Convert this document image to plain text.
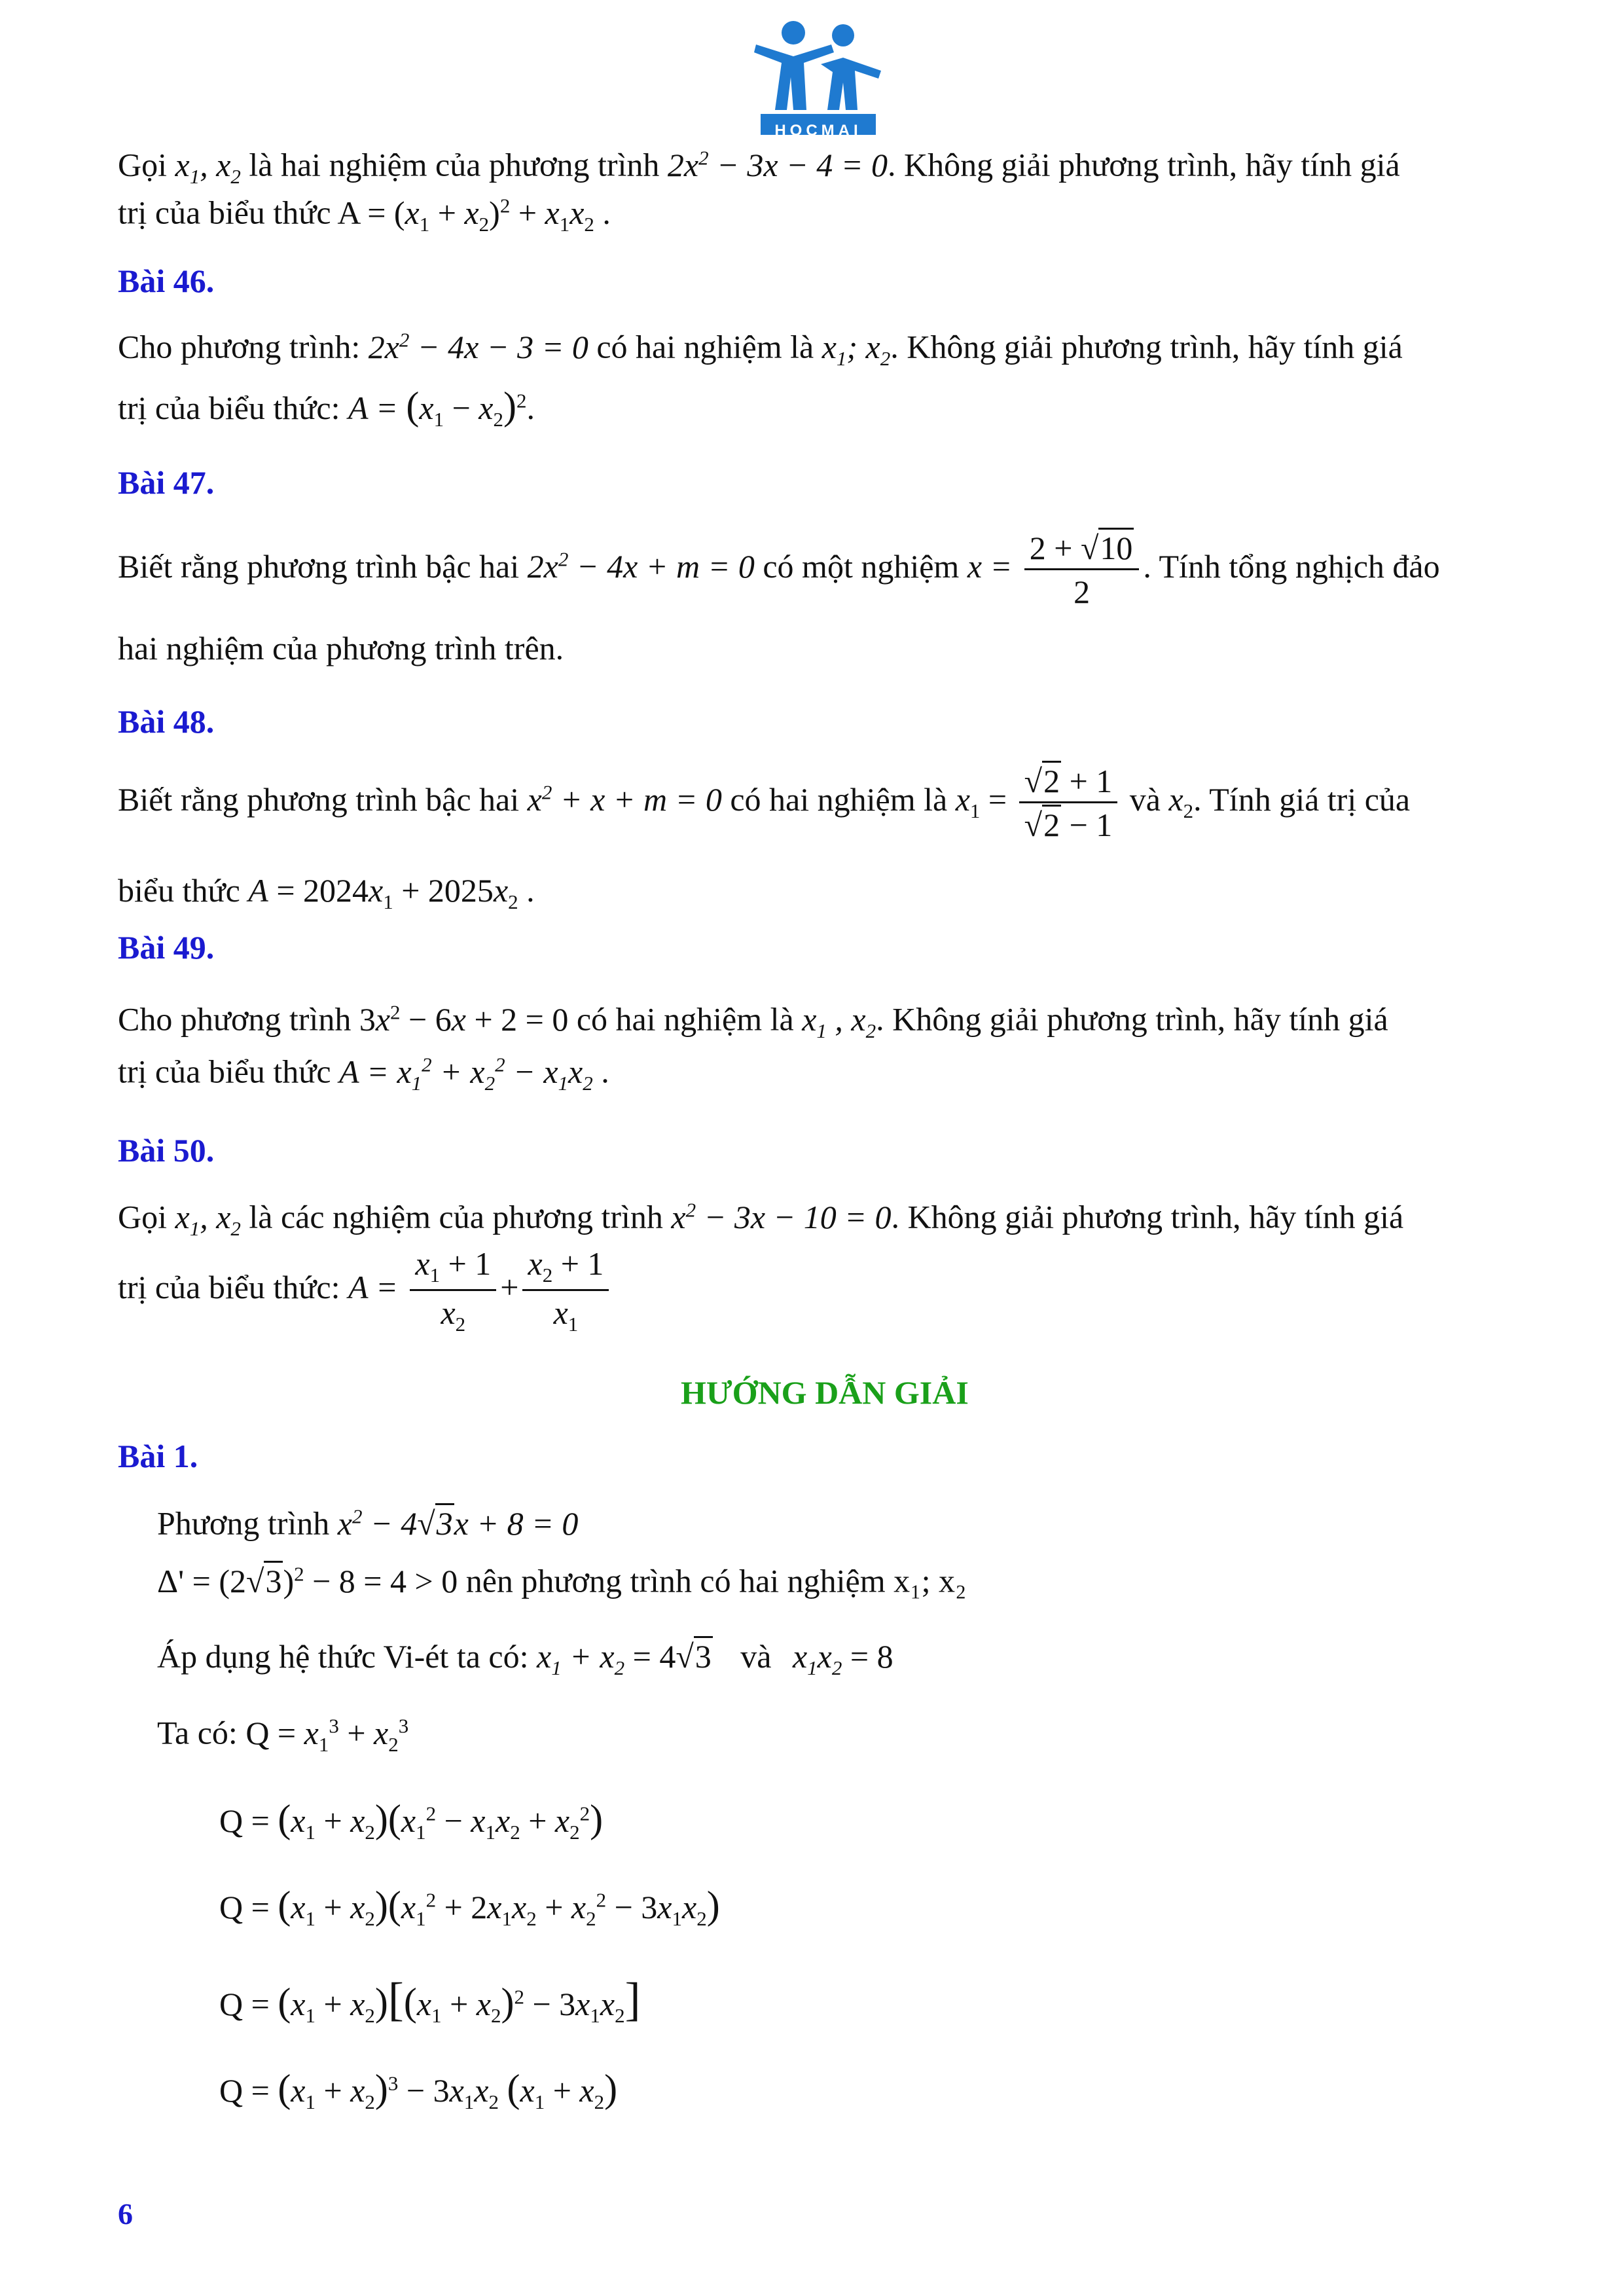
HOCMAI
Gọi $x_1$, $x_2$ là hai nghiệm của phương trình $2x^2 - 3x - 4 = 0$. Không giải phương trình, hãy tính giá
trị của biểu thức $A = (x_1 + x_2)^2 + x_1x_2$ .
Bài 46.
Cho phương trình: $2x^2 - 4x - 3 = 0$ có hai nghiệm là $x_1$; $x_2$. Không giải phương trình, hãy tính giá
trị của biểu thức: $A = (x_1 - x_2)^2$.
Bài 47.
Biết rằng phương trình bậc hai $2x^2 - 4x + m = 0$ có một nghiệm $x = \frac{2 + √10}{2}$ . Tính tổng nghịch đảo
hai nghiệm của phương trình trên.
Bài 48.
Biết rằng phương trình bậc hai $x^2 + x + m = 0$ có hai nghiệm là $x_1 = \frac{√2 + 1}{√2 - 1}$ và $x_2$. Tính giá trị của
biểu thức $A = 2024x_1 + 2025x_2$ .
Bài 49.
Cho phương trình $3x^2 - 6x + 2 = 0$ có hai nghiệm là $x_1$ , $x_2$. Không giải phương trình, hãy tính giá
trị của biểu thức $A = x_1^2 + x_2^2 - x_1x_2$ .
Bài 50.
Gọi $x_1$, $x_2$ là các nghiệm của phương trình $x^2 - 3x - 10 = 0$. Không giải phương trình, hãy tính giá
trị của biểu thức: $A = \frac{x_1 + 1}{x_2} + \frac{x_2 + 1}{x_1}$
HƯỚNG DẪN GIẢI
Bài 1.
Phương trình $x^2 - 4√3x + 8 = 0$
$\Delta' = (2√3)^2 - 8 = 4 > 0$ nên phương trình có hai nghiệm x₁; x₂
Áp dụng hệ thức Vi-ét ta có: $x_1 + x_2 = 4√3$ và $x_1x_2 = 8$
Ta có: $Q = x_1^3 + x_2^3$
$Q = (x_1 + x_2)(x_1^2 - x_1x_2 + x_2^2)$
$Q = (x_1 + x_2)(x_1^2 + 2x_1x_2 + x_2^2 - 3x_1x_2)$
$Q = (x_1 + x_2)[(x_1 + x_2)^2 - 3x_1x_2]$
$Q = (x_1 + x_2)^3 - 3x_1x_2$ $(x_1 + x_2)$
6
